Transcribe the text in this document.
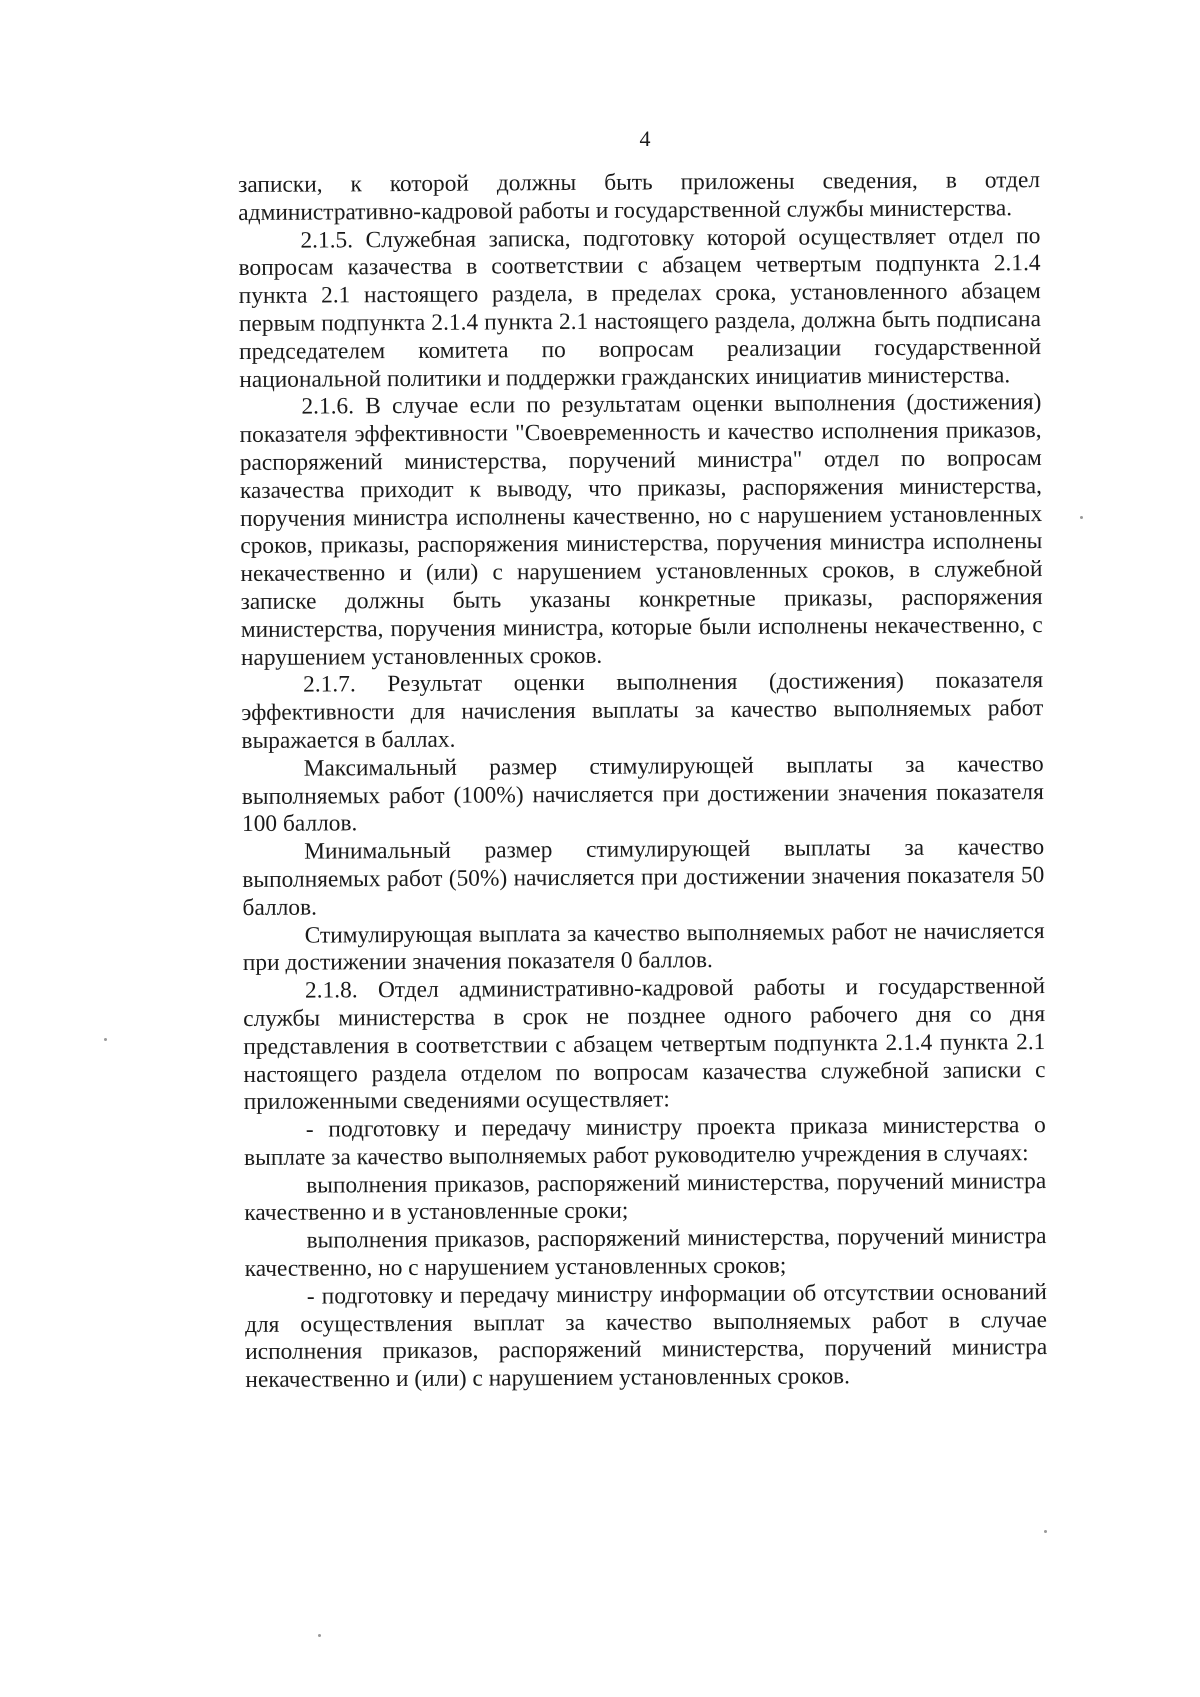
4

записки, к которой должны быть приложены сведения, в отдел административно-кадровой работы и государственной службы министерства.

2.1.5. Служебная записка, подготовку которой осуществляет отдел по вопросам казачества в соответствии с абзацем четвертым подпункта 2.1.4 пункта 2.1 настоящего раздела, в пределах срока, установленного абзацем первым подпункта 2.1.4 пункта 2.1 настоящего раздела, должна быть подписана председателем комитета по вопросам реализации государственной национальной политики и поддержки гражданских инициатив министерства.

2.1.6. В случае если по результатам оценки выполнения (достижения) показателя эффективности "Своевременность и качество исполнения приказов, распоряжений министерства, поручений министра" отдел по вопросам казачества приходит к выводу, что приказы, распоряжения министерства, поручения министра исполнены качественно, но с нарушением установленных сроков, приказы, распоряжения министерства, поручения министра исполнены некачественно и (или) с нарушением установленных сроков, в служебной записке должны быть указаны конкретные приказы, распоряжения министерства, поручения министра, которые были исполнены некачественно, с нарушением установленных сроков.

2.1.7. Результат оценки выполнения (достижения) показателя эффективности для начисления выплаты за качество выполняемых работ выражается в баллах.

Максимальный размер стимулирующей выплаты за качество выполняемых работ (100%) начисляется при достижении значения показателя 100 баллов.

Минимальный размер стимулирующей выплаты за качество выполняемых работ (50%) начисляется при достижении значения показателя 50 баллов.

Стимулирующая выплата за качество выполняемых работ не начисляется при достижении значения показателя 0 баллов.

2.1.8. Отдел административно-кадровой работы и государственной службы министерства в срок не позднее одного рабочего дня со дня представления в соответствии с абзацем четвертым подпункта 2.1.4 пункта 2.1 настоящего раздела отделом по вопросам казачества служебной записки с приложенными сведениями осуществляет:

- подготовку и передачу министру проекта приказа министерства о выплате за качество выполняемых работ руководителю учреждения в случаях:

выполнения приказов, распоряжений министерства, поручений министра качественно и в установленные сроки;

выполнения приказов, распоряжений министерства, поручений министра качественно, но с нарушением установленных сроков;

- подготовку и передачу министру информации об отсутствии оснований для осуществления выплат за качество выполняемых работ в случае исполнения приказов, распоряжений министерства, поручений министра некачественно и (или) с нарушением установленных сроков.
